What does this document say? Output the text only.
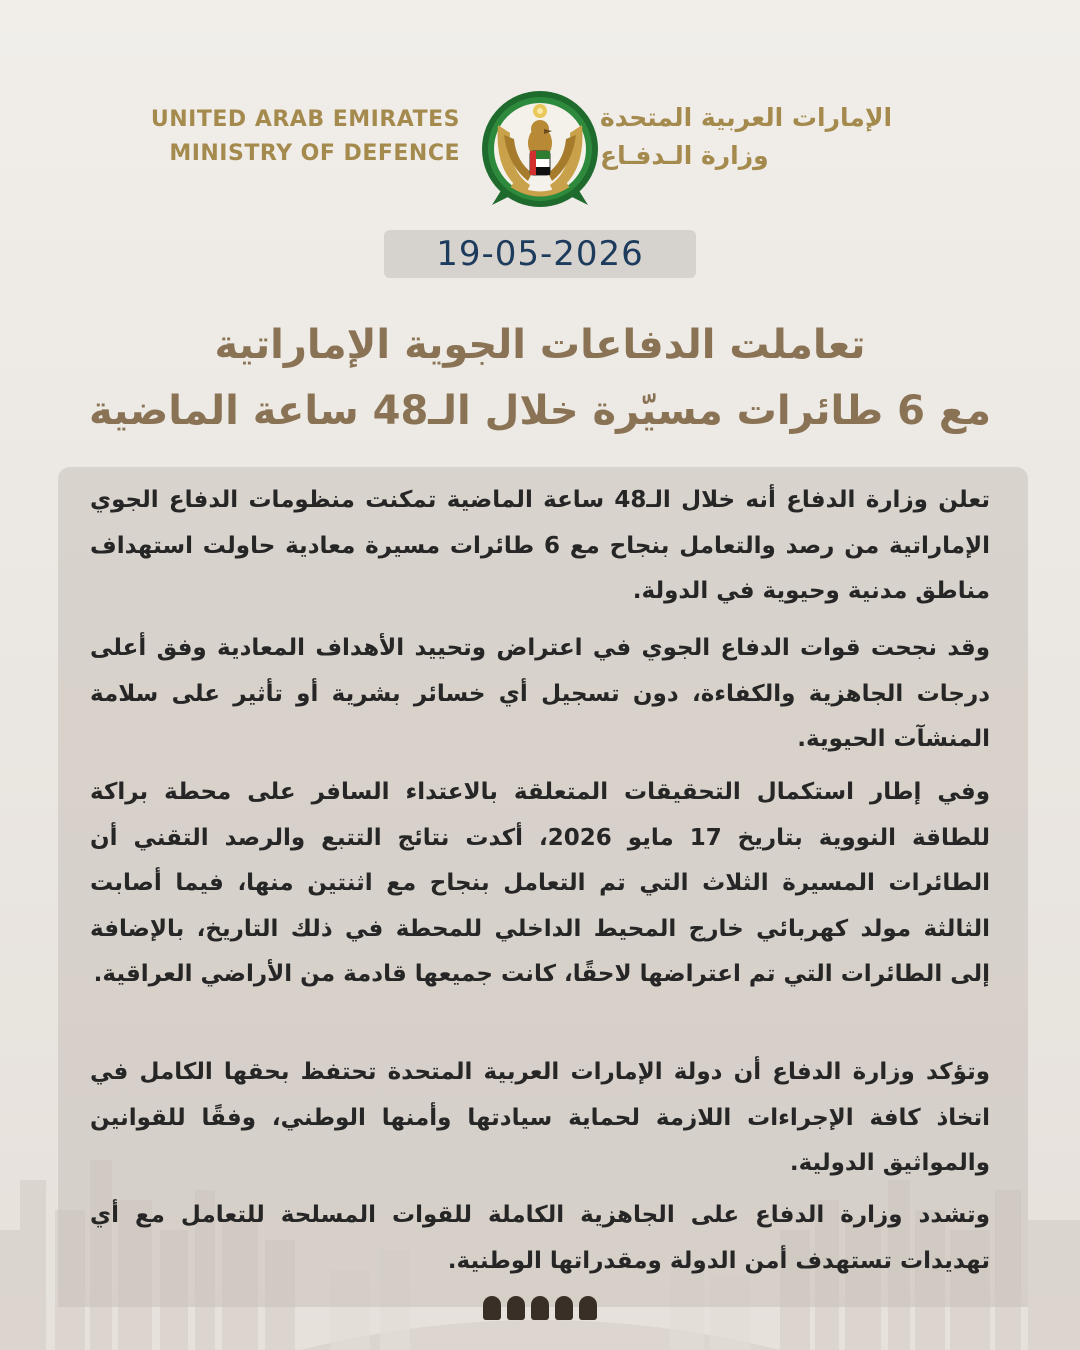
UNITED ARAB EMIRATES
MINISTRY OF DEFENCE
الإمارات العربية المتحدة
وزارة الـدفـاع
19-05-2026
تعاملت الدفاعات الجوية الإماراتية
مع 6 طائرات مسيّرة خلال الـ48 ساعة الماضية

تعلن وزارة الدفاع أنه خلال الـ48 ساعة الماضية تمكنت منظومات الدفاع الجوي الإماراتية من رصد والتعامل بنجاح مع 6 طائرات مسيرة معادية حاولت استهداف مناطق مدنية وحيوية في الدولة.

وقد نجحت قوات الدفاع الجوي في اعتراض وتحييد الأهداف المعادية وفق أعلى درجات الجاهزية والكفاءة، دون تسجيل أي خسائر بشرية أو تأثير على سلامة المنشآت الحيوية.

وفي إطار استكمال التحقيقات المتعلقة بالاعتداء السافر على محطة براكة للطاقة النووية بتاريخ 17 مايو 2026، أكدت نتائج التتبع والرصد التقني أن الطائرات المسيرة الثلاث التي تم التعامل بنجاح مع اثنتين منها، فيما أصابت الثالثة مولد كهربائي خارج المحيط الداخلي للمحطة في ذلك التاريخ، بالإضافة إلى الطائرات التي تم اعتراضها لاحقًا، كانت جميعها قادمة من الأراضي العراقية.

وتؤكد وزارة الدفاع أن دولة الإمارات العربية المتحدة تحتفظ بحقها الكامل في اتخاذ كافة الإجراءات اللازمة لحماية سيادتها وأمنها الوطني، وفقًا للقوانين والمواثيق الدولية.

وتشدد وزارة الدفاع على الجاهزية الكاملة للقوات المسلحة للتعامل مع أي تهديدات تستهدف أمن الدولة ومقدراتها الوطنية.
